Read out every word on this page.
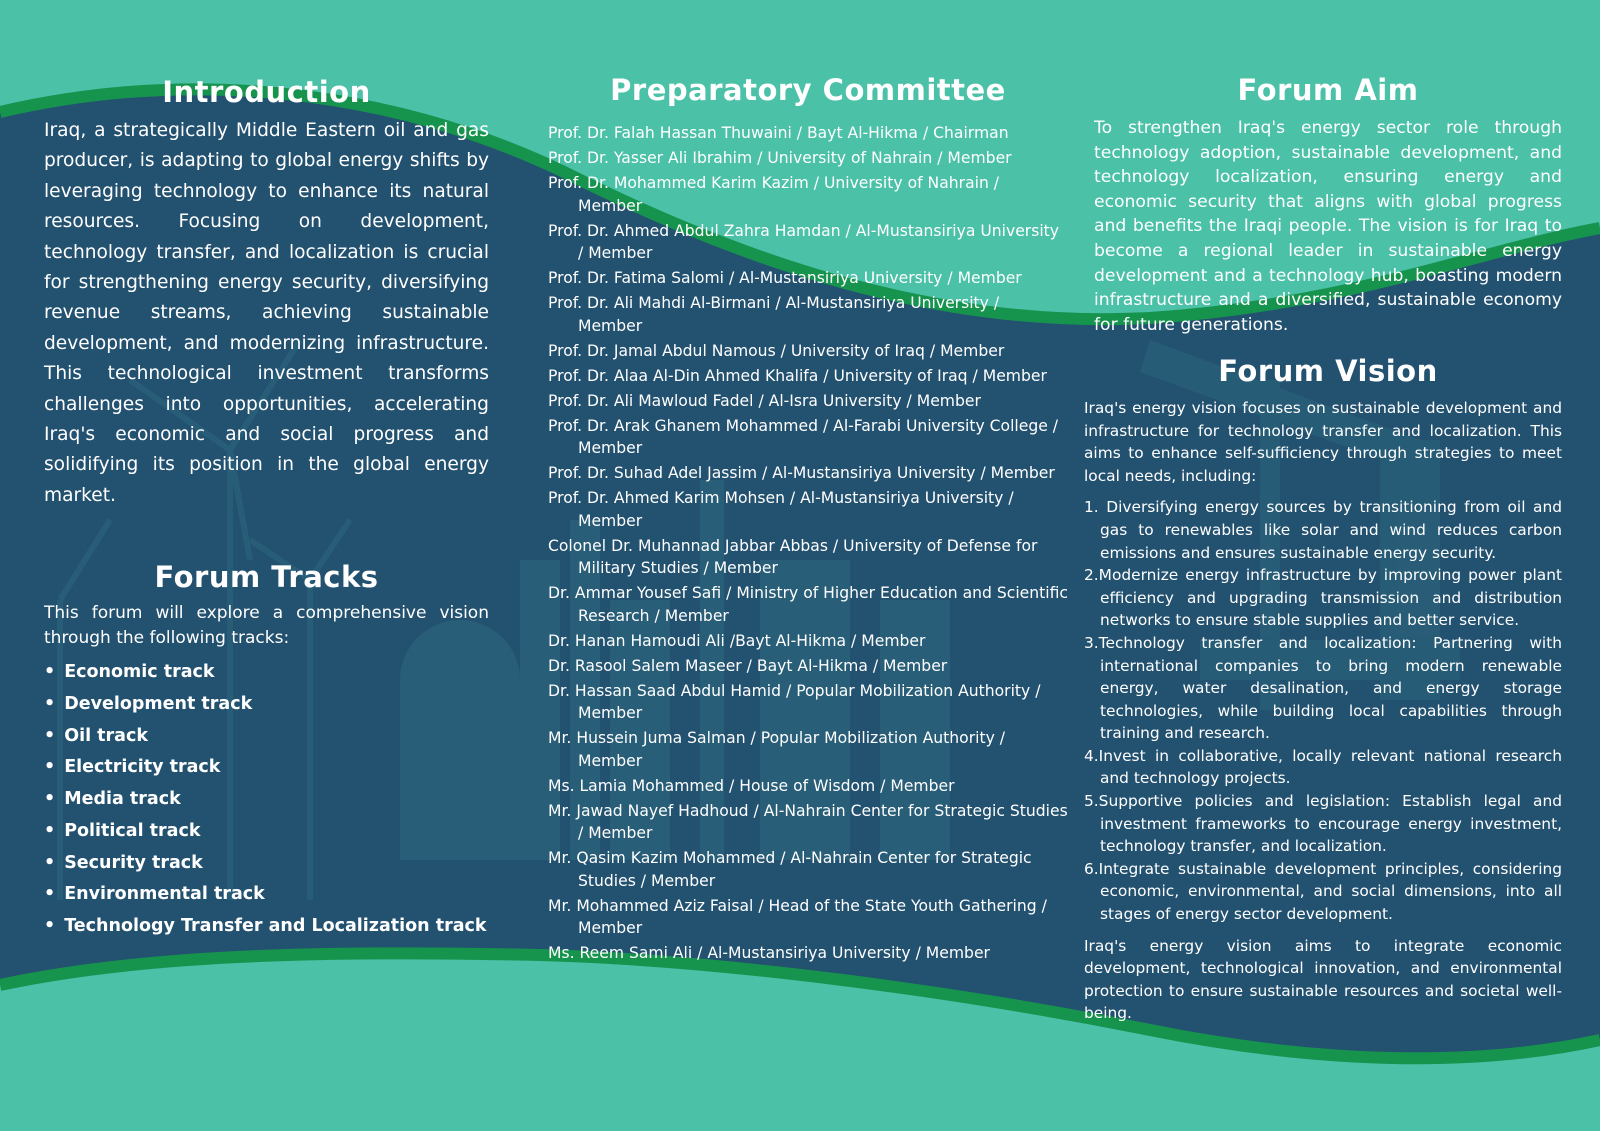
Introduction
Iraq, a strategically Middle Eastern oil and gas producer, is adapting to global energy shifts by leveraging technology to enhance its natural resources. Focusing on development, technology transfer, and localization is crucial for strengthening energy security, diversifying revenue streams, achieving sustainable development, and modernizing infrastructure. This technological investment transforms challenges into opportunities, accelerating Iraq's economic and social progress and solidifying its position in the global energy market.
Forum Tracks
This forum will explore a comprehensive vision through the following tracks:
• Economic track
• Development track
• Oil track
• Electricity track
• Media track
• Political track
• Security track
• Environmental track
• Technology Transfer and Localization track
Preparatory Committee
Prof. Dr. Falah Hassan Thuwaini / Bayt Al-Hikma / Chairman
Prof. Dr. Yasser Ali Ibrahim / University of Nahrain / Member
Prof. Dr. Mohammed Karim Kazim / University of Nahrain / Member
Prof. Dr. Ahmed Abdul Zahra Hamdan / Al-Mustansiriya University / Member
Prof. Dr. Fatima Salomi / Al-Mustansiriya University / Member
Prof. Dr. Ali Mahdi Al-Birmani / Al-Mustansiriya University / Member
Prof. Dr. Jamal Abdul Namous / University of Iraq / Member
Prof. Dr. Alaa Al-Din Ahmed Khalifa / University of Iraq / Member
Prof. Dr. Ali Mawloud Fadel / Al-Isra University / Member
Prof. Dr. Arak Ghanem Mohammed / Al-Farabi University College / Member
Prof. Dr. Suhad Adel Jassim / Al-Mustansiriya University / Member
Prof. Dr. Ahmed Karim Mohsen / Al-Mustansiriya University / Member
Colonel Dr. Muhannad Jabbar Abbas / University of Defense for Military Studies / Member
Dr. Ammar Yousef Safi / Ministry of Higher Education and Scientific Research / Member
Dr. Hanan Hamoudi Ali /Bayt Al-Hikma / Member
Dr. Rasool Salem Maseer / Bayt Al-Hikma / Member
Dr. Hassan Saad Abdul Hamid / Popular Mobilization Authority / Member
Mr. Hussein Juma Salman / Popular Mobilization Authority / Member
Ms. Lamia Mohammed / House of Wisdom / Member
Mr. Jawad Nayef Hadhoud / Al-Nahrain Center for Strategic Studies / Member
Mr. Qasim Kazim Mohammed / Al-Nahrain Center for Strategic Studies / Member
Mr. Mohammed Aziz Faisal / Head of the State Youth Gathering / Member
Ms. Reem Sami Ali / Al-Mustansiriya University / Member
Forum Aim
To strengthen Iraq's energy sector role through technology adoption, sustainable development, and technology localization, ensuring energy and economic security that aligns with global progress and benefits the Iraqi people. The vision is for Iraq to become a regional leader in sustainable energy development and a technology hub, boasting modern infrastructure and a diversified, sustainable economy for future generations.
Forum Vision
Iraq's energy vision focuses on sustainable development and infrastructure for technology transfer and localization. This aims to enhance self-sufficiency through strategies to meet local needs, including:
1. Diversifying energy sources by transitioning from oil and gas to renewables like solar and wind reduces carbon emissions and ensures sustainable energy security.
2.Modernize energy infrastructure by improving power plant efficiency and upgrading transmission and distribution networks to ensure stable supplies and better service.
3.Technology transfer and localization: Partnering with international companies to bring modern renewable energy, water desalination, and energy storage technologies, while building local capabilities through training and research.
4.Invest in collaborative, locally relevant national research and technology projects.
5.Supportive policies and legislation: Establish legal and investment frameworks to encourage energy investment, technology transfer, and localization.
6.Integrate sustainable development principles, considering economic, environmental, and social dimensions, into all stages of energy sector development.
Iraq's energy vision aims to integrate economic development, technological innovation, and environmental protection to ensure sustainable resources and societal well-being.
